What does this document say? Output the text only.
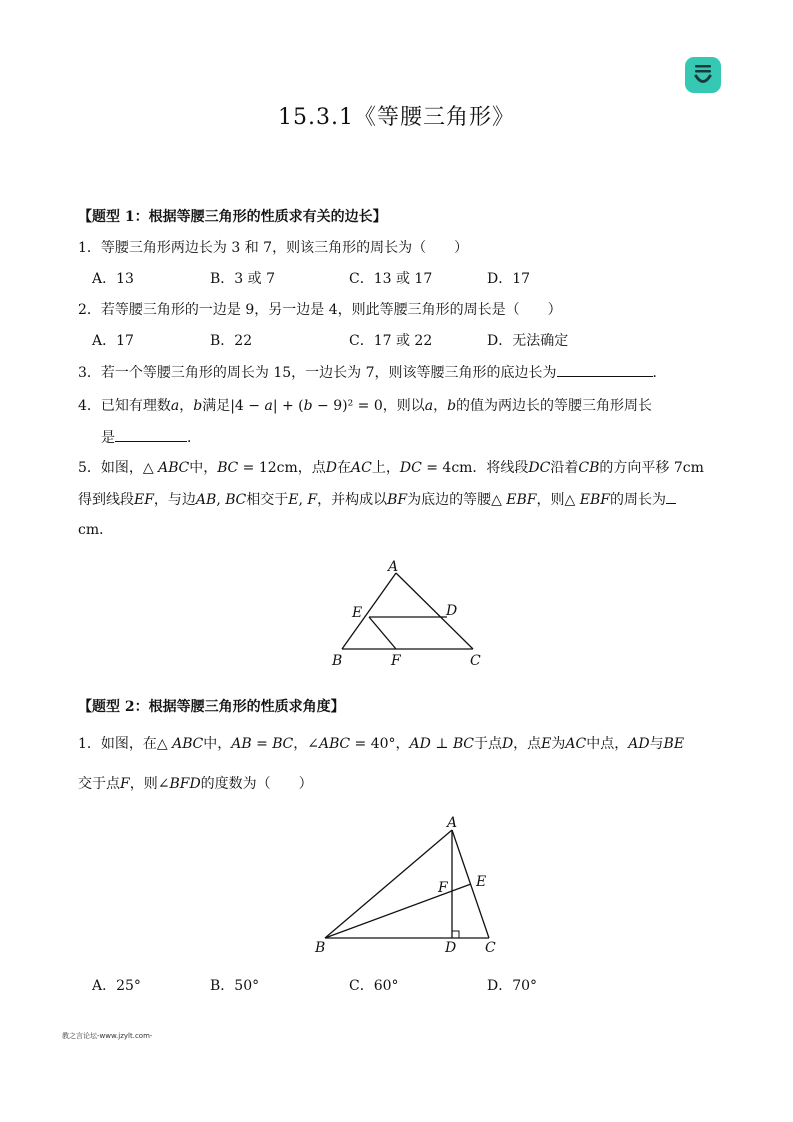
15.3.1《等腰三角形》
【题型 1：根据等腰三角形的性质求有关的边长】
1．等腰三角形两边长为 3 和 7，则该三角形的周长为（　　）
A．13	B．3 或 7	C．13 或 17	D．17
2．若等腰三角形的一边是 9，另一边是 4，则此等腰三角形的周长是（　　）
A．17	B．22	C．17 或 22	D．无法确定
3．若一个等腰三角形的周长为 15，一边长为 7，则该等腰三角形的底边长为	．
4．已知有理数𝑎，𝑏满足|4 − 𝑎| + (𝑏 − 9)² = 0，则以𝑎，𝑏的值为两边长的等腰三角形周长
是	．
5．如图，△ 𝐴𝐵𝐶中，𝐵𝐶 = 12cm，点𝐷在𝐴𝐶上，𝐷𝐶 = 4cm．将线段𝐷𝐶沿着𝐶𝐵的方向平移 7cm
得到线段𝐸𝐹，与边𝐴𝐵, 𝐵𝐶相交于𝐸, 𝐹，并构成以𝐵𝐹为底边的等腰△ 𝐸𝐵𝐹，则△ 𝐸𝐵𝐹的周长为
cm．
A
E	D
B	F	C
【题型 2：根据等腰三角形的性质求角度】
1．如图，在△ 𝐴𝐵𝐶中，𝐴𝐵 = 𝐵𝐶，∠𝐴𝐵𝐶 = 40°，𝐴𝐷 ⊥ 𝐵𝐶于点𝐷，点𝐸为𝐴𝐶中点，𝐴𝐷与𝐵𝐸
交于点𝐹，则∠𝐵𝐹𝐷的度数为（　　）
A
F E
B	D C
A．25°	B．50°	C．60°	D．70°
教之言论坛-www.jzylt.com-
